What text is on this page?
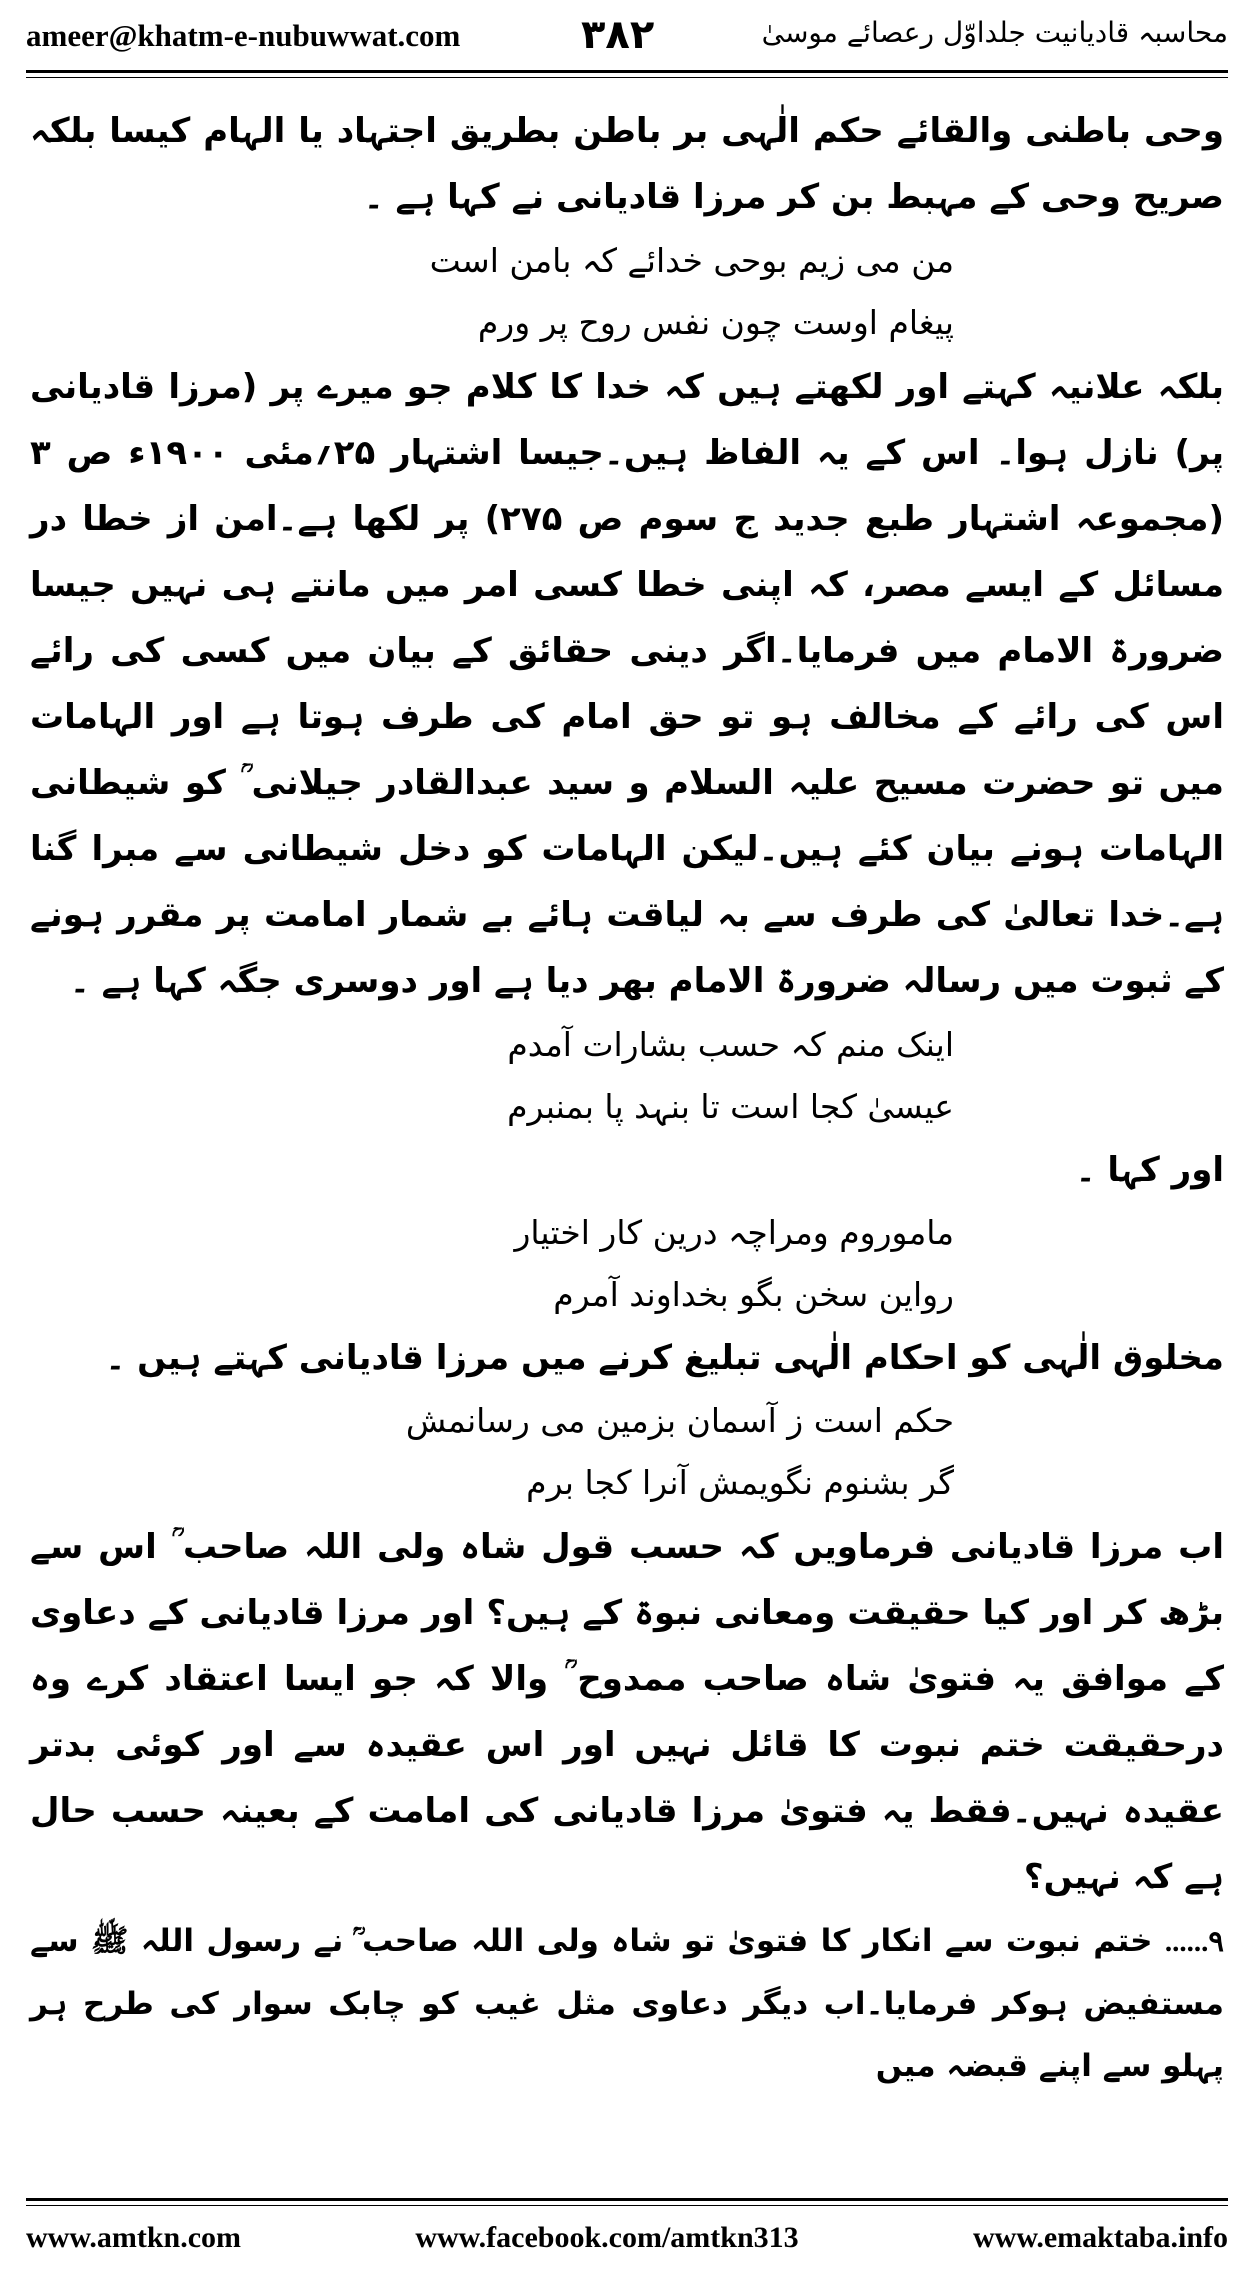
ameer@khatm-e-nubuwwat.com	۳۸۲	محاسبہ قادیانیت جلداوّل رعصائے موسیٰ

وحی باطنی والقائے حکم الٰہی بر باطن بطریق اجتہاد یا الہام کیسا بلکہ صریح وحی کے مہبط بن کر مرزا قادیانی نے کہا ہے ۔

من می زیم بوحی خدائے کہ بامن است

پیغام اوست چون نفس روح پر ورم

بلکہ علانیہ کہتے اور لکھتے ہیں کہ خدا کا کلام جو میرے پر (مرزا قادیانی پر) نازل ہوا۔ اس کے یہ الفاظ ہیں۔جیسا اشتہار ۲۵؍مئی ۱۹۰۰ء ص ۳ (مجموعہ اشتہار طبع جدید ج سوم ص ۲۷۵) پر لکھا ہے۔امن از خطا در مسائل کے ایسے مصر، کہ اپنی خطا کسی امر میں مانتے ہی نہیں جیسا ضرورۃ الامام میں فرمایا۔اگر دینی حقائق کے بیان میں کسی کی رائے اس کی رائے کے مخالف ہو تو حق امام کی طرف ہوتا ہے اور الہامات میں تو حضرت مسیح علیہ السلام و سید عبدالقادر جیلانی ؒ کو شیطانی الہامات ہونے بیان کئے ہیں۔لیکن الہامات کو دخل شیطانی سے مبرا گنا ہے۔خدا تعالیٰ کی طرف سے بہ لیاقت ہائے بے شمار امامت پر مقرر ہونے کے ثبوت میں رسالہ ضرورۃ الامام بھر دیا ہے اور دوسری جگہ کہا ہے ۔

اینک منم کہ حسب بشارات آمدم

عیسیٰ کجا است تا بنہد پا بمنبرم

اور کہا ۔

ماموروم ومراچہ درین کار اختیار

رواین سخن بگو بخداوند آمرم

مخلوق الٰہی کو احکام الٰہی تبلیغ کرنے میں مرزا قادیانی کہتے ہیں ۔

حکم است ز آسمان بزمین می رسانمش

گر بشنوم نگویمش آنرا کجا برم

اب مرزا قادیانی فرماویں کہ حسب قول شاہ ولی اللہ صاحب ؒ اس سے بڑھ کر اور کیا حقیقت ومعانی نبوۃ کے ہیں؟ اور مرزا قادیانی کے دعاوی کے موافق یہ فتویٰ شاہ صاحب ممدوح ؒ والا کہ جو ایسا اعتقاد کرے وہ درحقیقت ختم نبوت کا قائل نہیں اور اس عقیدہ سے اور کوئی بدتر عقیدہ نہیں۔فقط یہ فتویٰ مرزا قادیانی کی امامت کے بعینہ حسب حال ہے کہ نہیں؟

۹...... ختم نبوت سے انکار کا فتویٰ تو شاہ ولی اللہ صاحب ؒ نے رسول اللہ ﷺ سے مستفیض ہوکر فرمایا۔اب دیگر دعاوی مثل غیب کو چابک سوار کی طرح ہر پہلو سے اپنے قبضہ میں

www.amtkn.com	www.facebook.com/amtkn313	www.emaktaba.info
